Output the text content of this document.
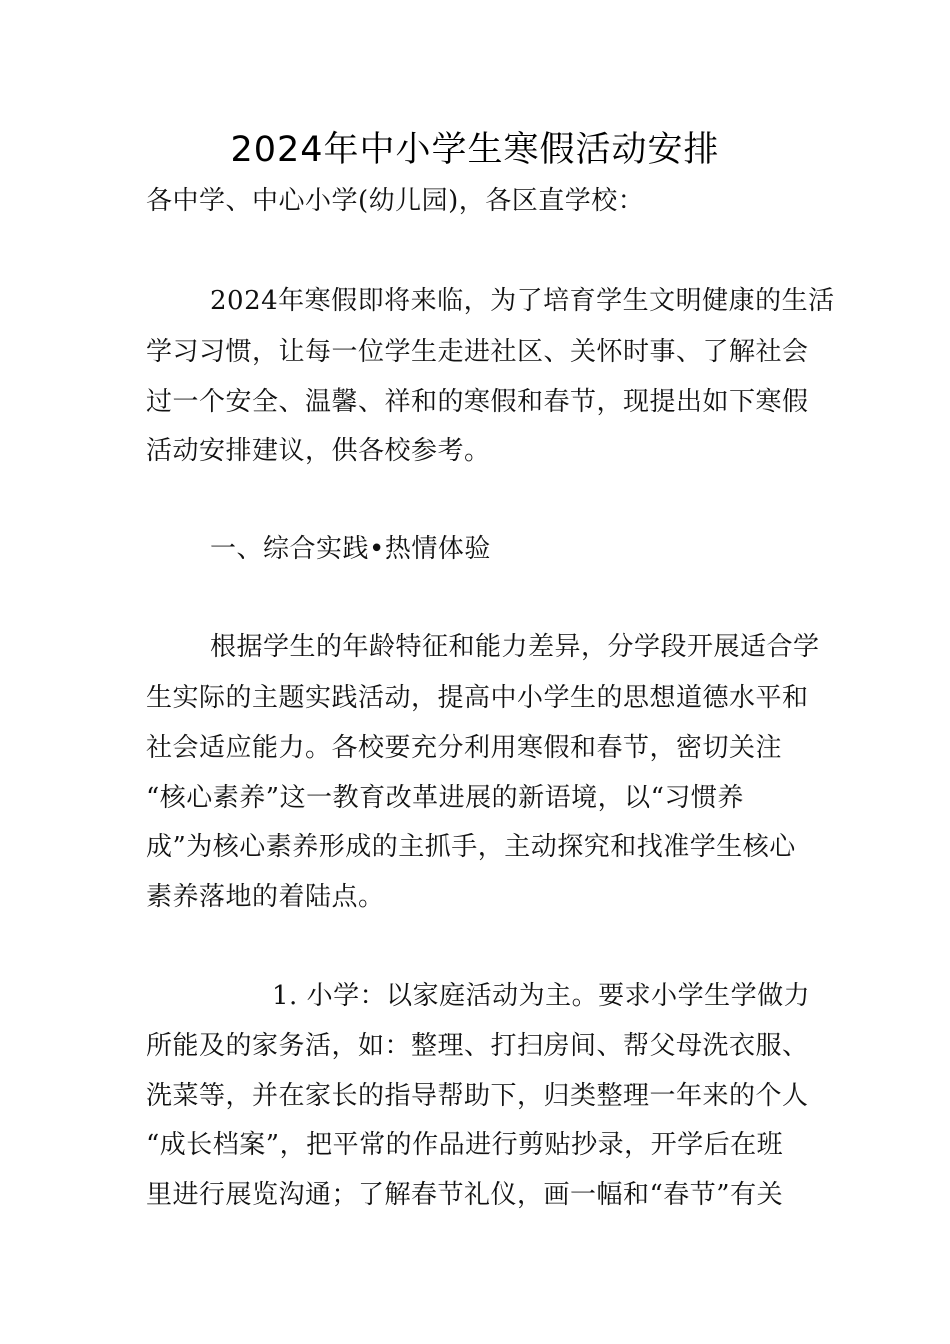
2024年中小学生寒假活动安排
各中学、中心小学(幼儿园)，各区直学校：
2024年寒假即将来临，为了培育学生文明健康的生活
学习习惯，让每一位学生走进社区、关怀时事、了解社会
过一个安全、温馨、祥和的寒假和春节，现提出如下寒假
活动安排建议，供各校参考。
一、综合实践•热情体验
根据学生的年龄特征和能力差异，分学段开展适合学
生实际的主题实践活动，提高中小学生的思想道德水平和
社会适应能力。各校要充分利用寒假和春节，密切关注
“核心素养”这一教育改革进展的新语境，以“习惯养
成”为核心素养形成的主抓手，主动探究和找准学生核心
素养落地的着陆点。
1. 小学：以家庭活动为主。要求小学生学做力
所能及的家务活，如：整理、打扫房间、帮父母洗衣服、
洗菜等，并在家长的指导帮助下，归类整理一年来的个人
“成长档案”，把平常的作品进行剪贴抄录，开学后在班
里进行展览沟通；了解春节礼仪，画一幅和“春节”有关
